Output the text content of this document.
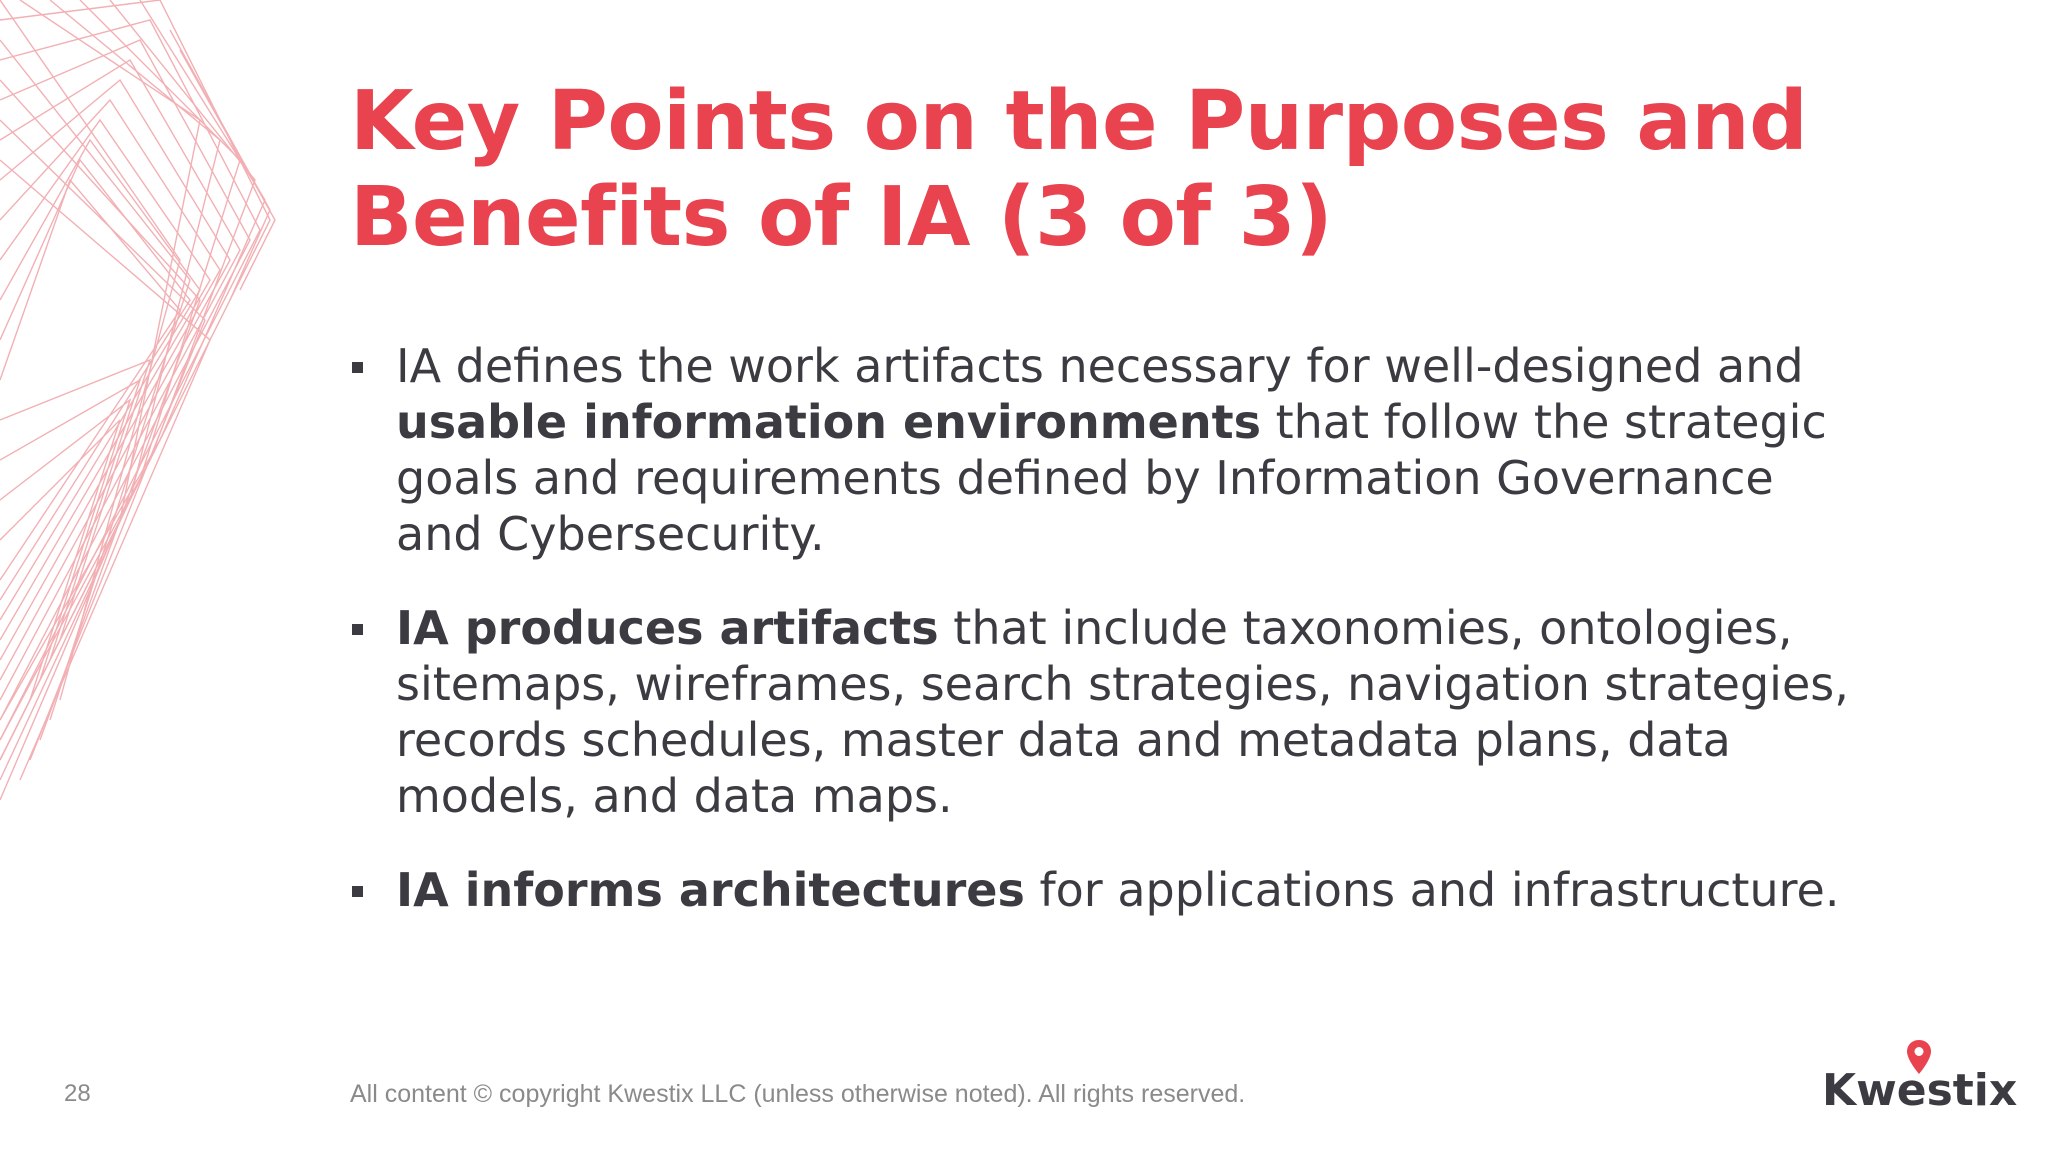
Key Points on the Purposes and Benefits of IA (3 of 3)
IA defines the work artifacts necessary for well-designed and usable information environments that follow the strategic goals and requirements defined by Information Governance and Cybersecurity.
IA produces artifacts that include taxonomies, ontologies, sitemaps, wireframes, search strategies, navigation strategies, records schedules, master data and metadata plans, data models, and data maps.
IA informs architectures for applications and infrastructure.
28	All content © copyright Kwestix LLC (unless otherwise noted). All rights reserved.	Kwestix
